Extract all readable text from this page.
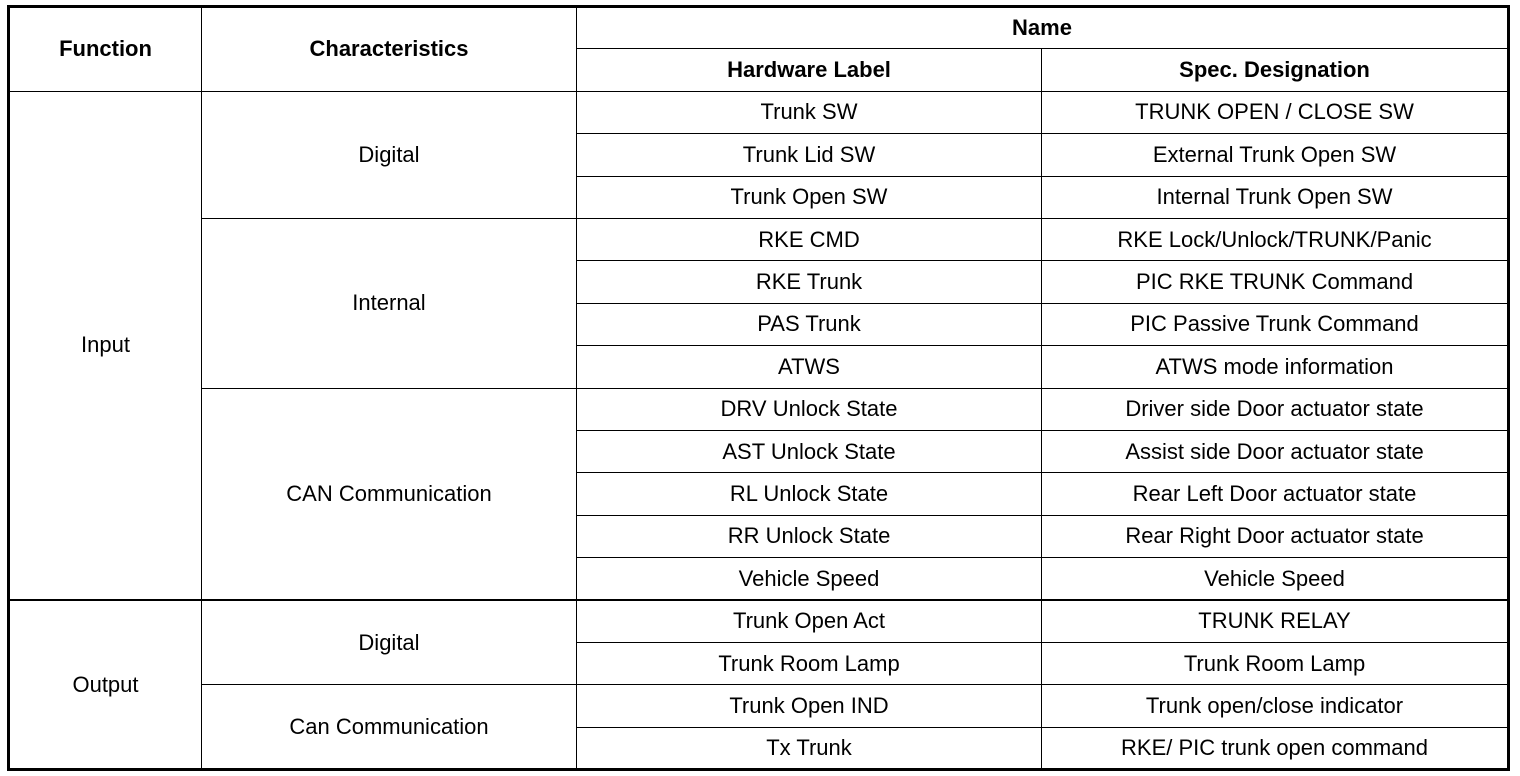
Function	Characteristics	Name	
		Hardware Label	Spec. Designation
Input	Digital	Trunk SW	TRUNK OPEN / CLOSE SW
		Trunk Lid SW	External Trunk Open SW
		Trunk Open SW	Internal Trunk Open SW
	Internal	RKE CMD	RKE Lock/Unlock/TRUNK/Panic
		RKE Trunk	PIC RKE TRUNK Command
		PAS Trunk	PIC Passive Trunk Command
		ATWS	ATWS mode information
	CAN Communication	DRV Unlock State	Driver side Door actuator state
		AST Unlock State	Assist side Door actuator state
		RL Unlock State	Rear Left Door actuator state
		RR Unlock State	Rear Right Door actuator state
		Vehicle Speed	Vehicle Speed
Output	Digital	Trunk Open Act	TRUNK RELAY
		Trunk Room Lamp	Trunk Room Lamp
	Can Communication	Trunk Open IND	Trunk open/close indicator
		Tx Trunk	RKE/ PIC trunk open command
